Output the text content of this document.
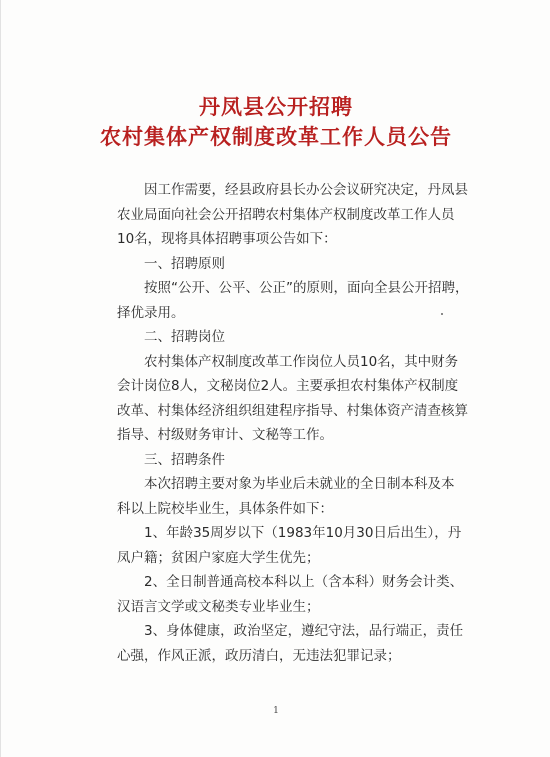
丹凤县公开招聘
农村集体产权制度改革工作人员公告
因工作需要，经县政府县长办公会议研究决定，丹凤县
农业局面向社会公开招聘农村集体产权制度改革工作人员
10名，现将具体招聘事项公告如下：
一、招聘原则
按照“公开、公平、公正”的原则，面向全县公开招聘，
择优录用。
二、招聘岗位
农村集体产权制度改革工作岗位人员10名，其中财务
会计岗位8人，文秘岗位2人。主要承担农村集体产权制度
改革、村集体经济组织组建程序指导、村集体资产清查核算
指导、村级财务审计、文秘等工作。
三、招聘条件
本次招聘主要对象为毕业后未就业的全日制本科及本
科以上院校毕业生，具体条件如下：
1、年龄35周岁以下（1983年10月30日后出生），丹
凤户籍；贫困户家庭大学生优先；
2、全日制普通高校本科以上（含本科）财务会计类、
汉语言文学或文秘类专业毕业生；
3、身体健康，政治坚定，遵纪守法，品行端正，责任
心强，作风正派，政历清白，无违法犯罪记录；
1
